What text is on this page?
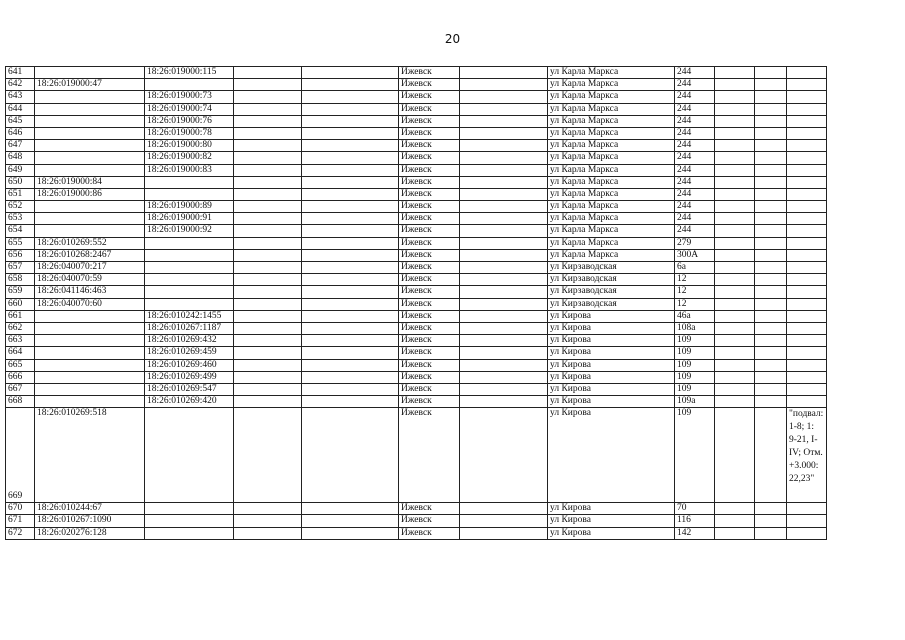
20
641		18:26:019000:115			Ижевск		ул Карла Маркса	244			
642	18:26:019000:47				Ижевск		ул Карла Маркса	244			
643		18:26:019000:73			Ижевск		ул Карла Маркса	244			
644		18:26:019000:74			Ижевск		ул Карла Маркса	244			
645		18:26:019000:76			Ижевск		ул Карла Маркса	244			
646		18:26:019000:78			Ижевск		ул Карла Маркса	244			
647		18:26:019000:80			Ижевск		ул Карла Маркса	244			
648		18:26:019000:82			Ижевск		ул Карла Маркса	244			
649		18:26:019000:83			Ижевск		ул Карла Маркса	244			
650	18:26:019000:84				Ижевск		ул Карла Маркса	244			
651	18:26:019000:86				Ижевск		ул Карла Маркса	244			
652		18:26:019000:89			Ижевск		ул Карла Маркса	244			
653		18:26:019000:91			Ижевск		ул Карла Маркса	244			
654		18:26:019000:92			Ижевск		ул Карла Маркса	244			
655	18:26:010269:552				Ижевск		ул Карла Маркса	279			
656	18:26:010268:2467				Ижевск		ул Карла Маркса	300А			
657	18:26:040070:217				Ижевск		ул Кирзаводская	6а			
658	18:26:040070:59				Ижевск		ул Кирзаводская	12			
659	18:26:041146:463				Ижевск		ул Кирзаводская	12			
660	18:26:040070:60				Ижевск		ул Кирзаводская	12			
661		18:26:010242:1455			Ижевск		ул Кирова	46а			
662		18:26:010267:1187			Ижевск		ул Кирова	108а			
663		18:26:010269:432			Ижевск		ул Кирова	109			
664		18:26:010269:459			Ижевск		ул Кирова	109			
665		18:26:010269:460			Ижевск		ул Кирова	109			
666		18:26:010269:499			Ижевск		ул Кирова	109			
667		18:26:010269:547			Ижевск		ул Кирова	109			
668		18:26:010269:420			Ижевск		ул Кирова	109а			
669	18:26:010269:518				Ижевск		ул Кирова	109			"подвал: 1-8; 1: 9-21, I-IV; Отм. +3.000: 22,23"
670	18:26:010244:67				Ижевск		ул Кирова	70			
671	18:26:010267:1090				Ижевск		ул Кирова	116			
672	18:26:020276:128				Ижевск		ул Кирова	142			
